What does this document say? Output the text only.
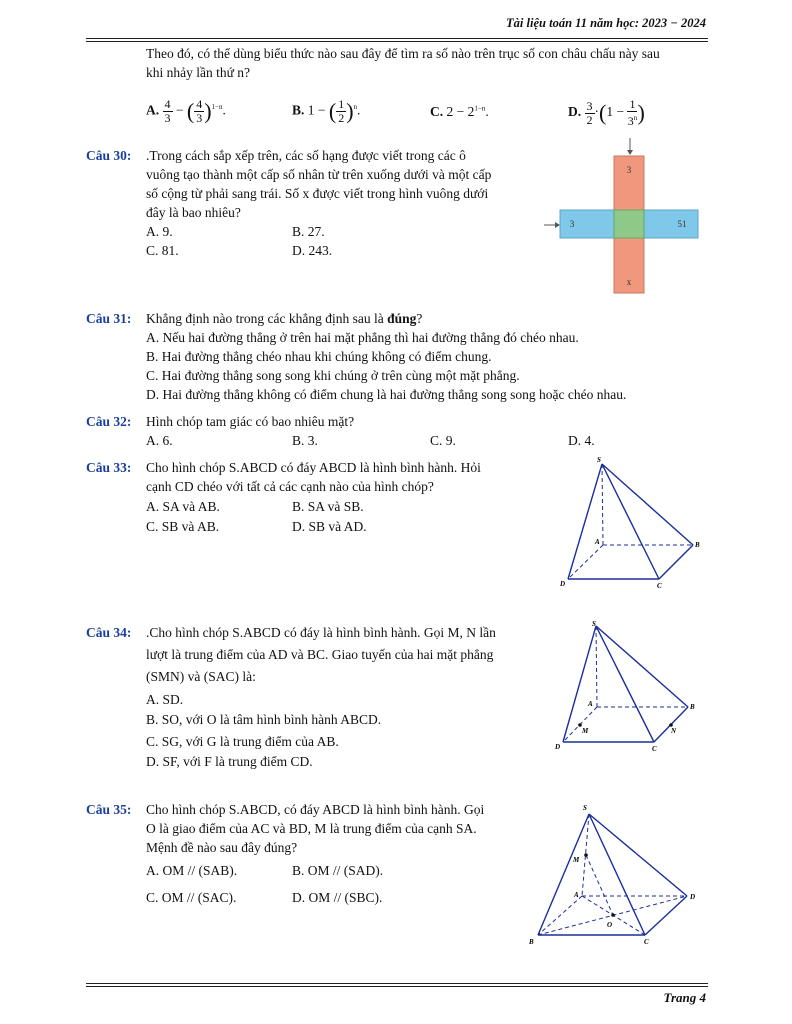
Tài liệu toán 11 năm học: 2023 − 2024
Theo đó, có thể dùng biểu thức nào sau đây để tìm ra số nào trên trục số con châu chấu này sau
khi nhảy lần thứ n?
A. $\frac{4}{3}$ − ( $\frac{4}{3} )^{1-n}$.	B. 1 − ( $\frac{1}{2} )^n$.	C. $2 - 2^{1-n}$.	D. $\frac{3}{2} \cdot(1 - \frac{1}{3^n}$ )
Câu 30: .Trong cách sắp xếp trên, các số hạng được viết trong các ô
vuông tạo thành một cấp số nhân từ trên xuống dưới và một cấp
số cộng từ phải sang trái. Số x được viết trong hình vuông dưới
đây là bao nhiêu?
A. 9.	B. 27.
C. 81.	D. 243.
3
3	51
x
Câu 31: Khẳng định nào trong các khẳng định sau là đúng?
A. Nếu hai đường thẳng ở trên hai mặt phẳng thì hai đường thẳng đó chéo nhau.
B. Hai đường thẳng chéo nhau khi chúng không có điểm chung.
C. Hai đường thẳng song song khi chúng ở trên cùng một mặt phẳng.
D. Hai đường thẳng không có điểm chung là hai đường thẳng song song hoặc chéo nhau.
Câu 32: Hình chóp tam giác có bao nhiêu mặt?
A. 6.	B. 3.	C. 9.	D. 4.
Câu 33: Cho hình chóp S.ABCD có đáy ABCD là hình bình hành. Hỏi
cạnh CD chéo với tất cả các cạnh nào của hình chóp?
A. SA và AB.	B. SA và SB.
C. SB và AB.	D. SB và AD.
S
A	B
C
D
Câu 34: .Cho hình chóp S.ABCD có đáy là hình bình hành. Gọi M, N lần
lượt là trung điểm của AD và BC. Giao tuyến của hai mặt phẳng
(SMN) và (SAC) là:
A. SD.
B. SO, với O là tâm hình bình hành ABCD.
C. SG, với G là trung điểm của AB.
D. SF, với F là trung điểm CD.
S
A	B
C
D
M	N
Câu 35: Cho hình chóp S.ABCD, có đáy ABCD là hình bình hành. Gọi
O là giao điểm của AC và BD, M là trung điểm của cạnh SA.
Mệnh đề nào sau đây đúng?
A. OM // (SAB).	B. OM // (SAD).
C. OM // (SAC).	D. OM // (SBC).
S
A
B	C
D
M
O
Trang 4
